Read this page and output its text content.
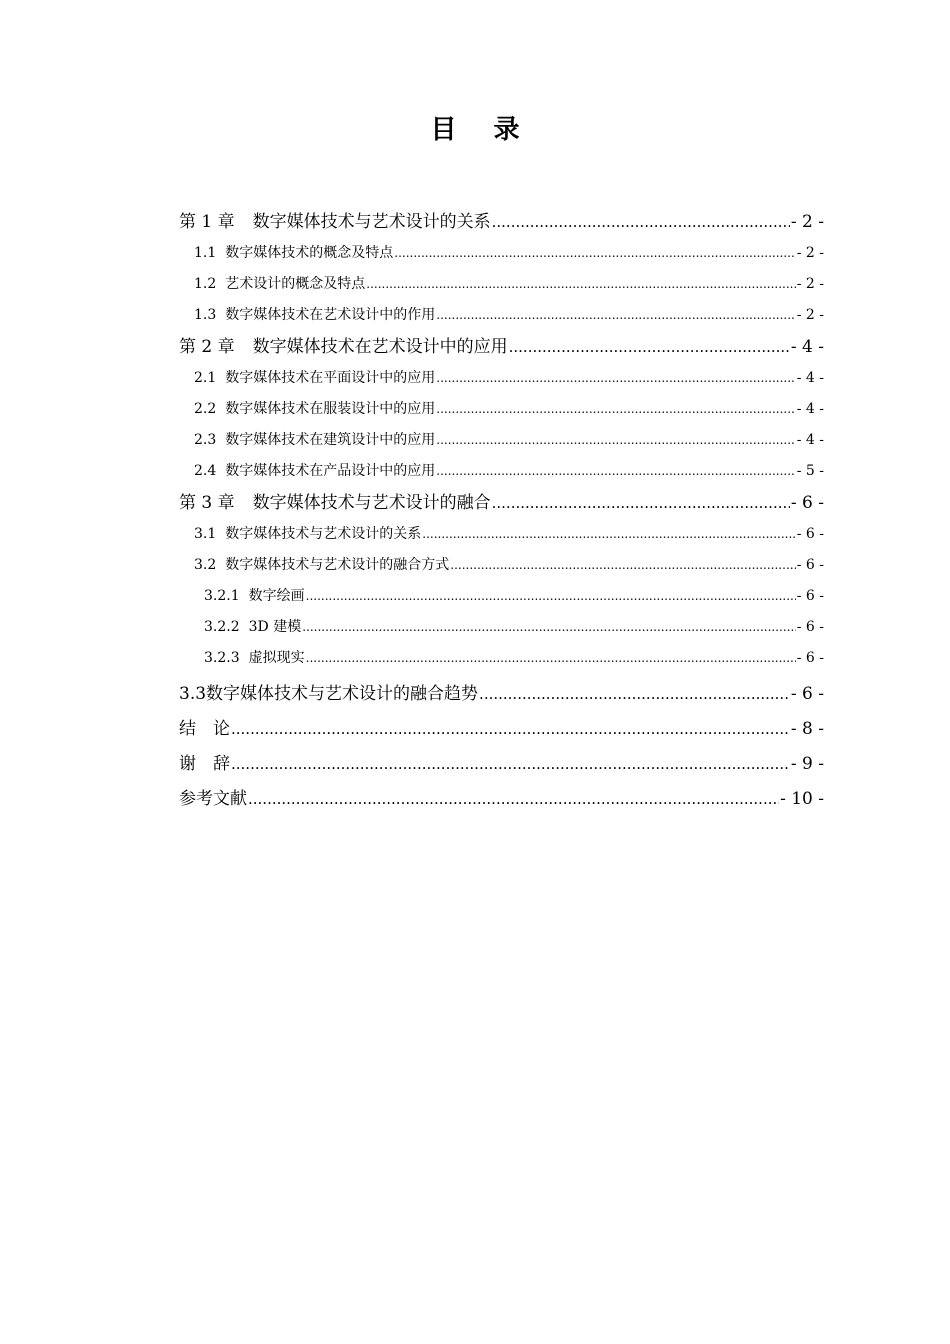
目 录
第 1 章 数字媒体技术与艺术设计的关系 .....	- 2 -
1.1 数字媒体技术的概念及特点 .....	- 2 -
1.2 艺术设计的概念及特点 .....	- 2 -
1.3 数字媒体技术在艺术设计中的作用 .....	- 2 -
第 2 章 数字媒体技术在艺术设计中的应用 .....	- 4 -
2.1 数字媒体技术在平面设计中的应用 .....	- 4 -
2.2 数字媒体技术在服装设计中的应用 .....	- 4 -
2.3 数字媒体技术在建筑设计中的应用 .....	- 4 -
2.4 数字媒体技术在产品设计中的应用 .....	- 5 -
第 3 章 数字媒体技术与艺术设计的融合 .....	- 6 -
3.1 数字媒体技术与艺术设计的关系 .....	- 6 -
3.2 数字媒体技术与艺术设计的融合方式 .....	- 6 -
3.2.1 数字绘画 .....	- 6 -
3.2.2 3D 建模 .....	- 6 -
3.2.3 虚拟现实 .....	- 6 -
3.3数字媒体技术与艺术设计的融合趋势 .....	- 6 -
结　论 .....	- 8 -
谢　辞 .....	- 9 -
参考文献 .....	- 10 -
